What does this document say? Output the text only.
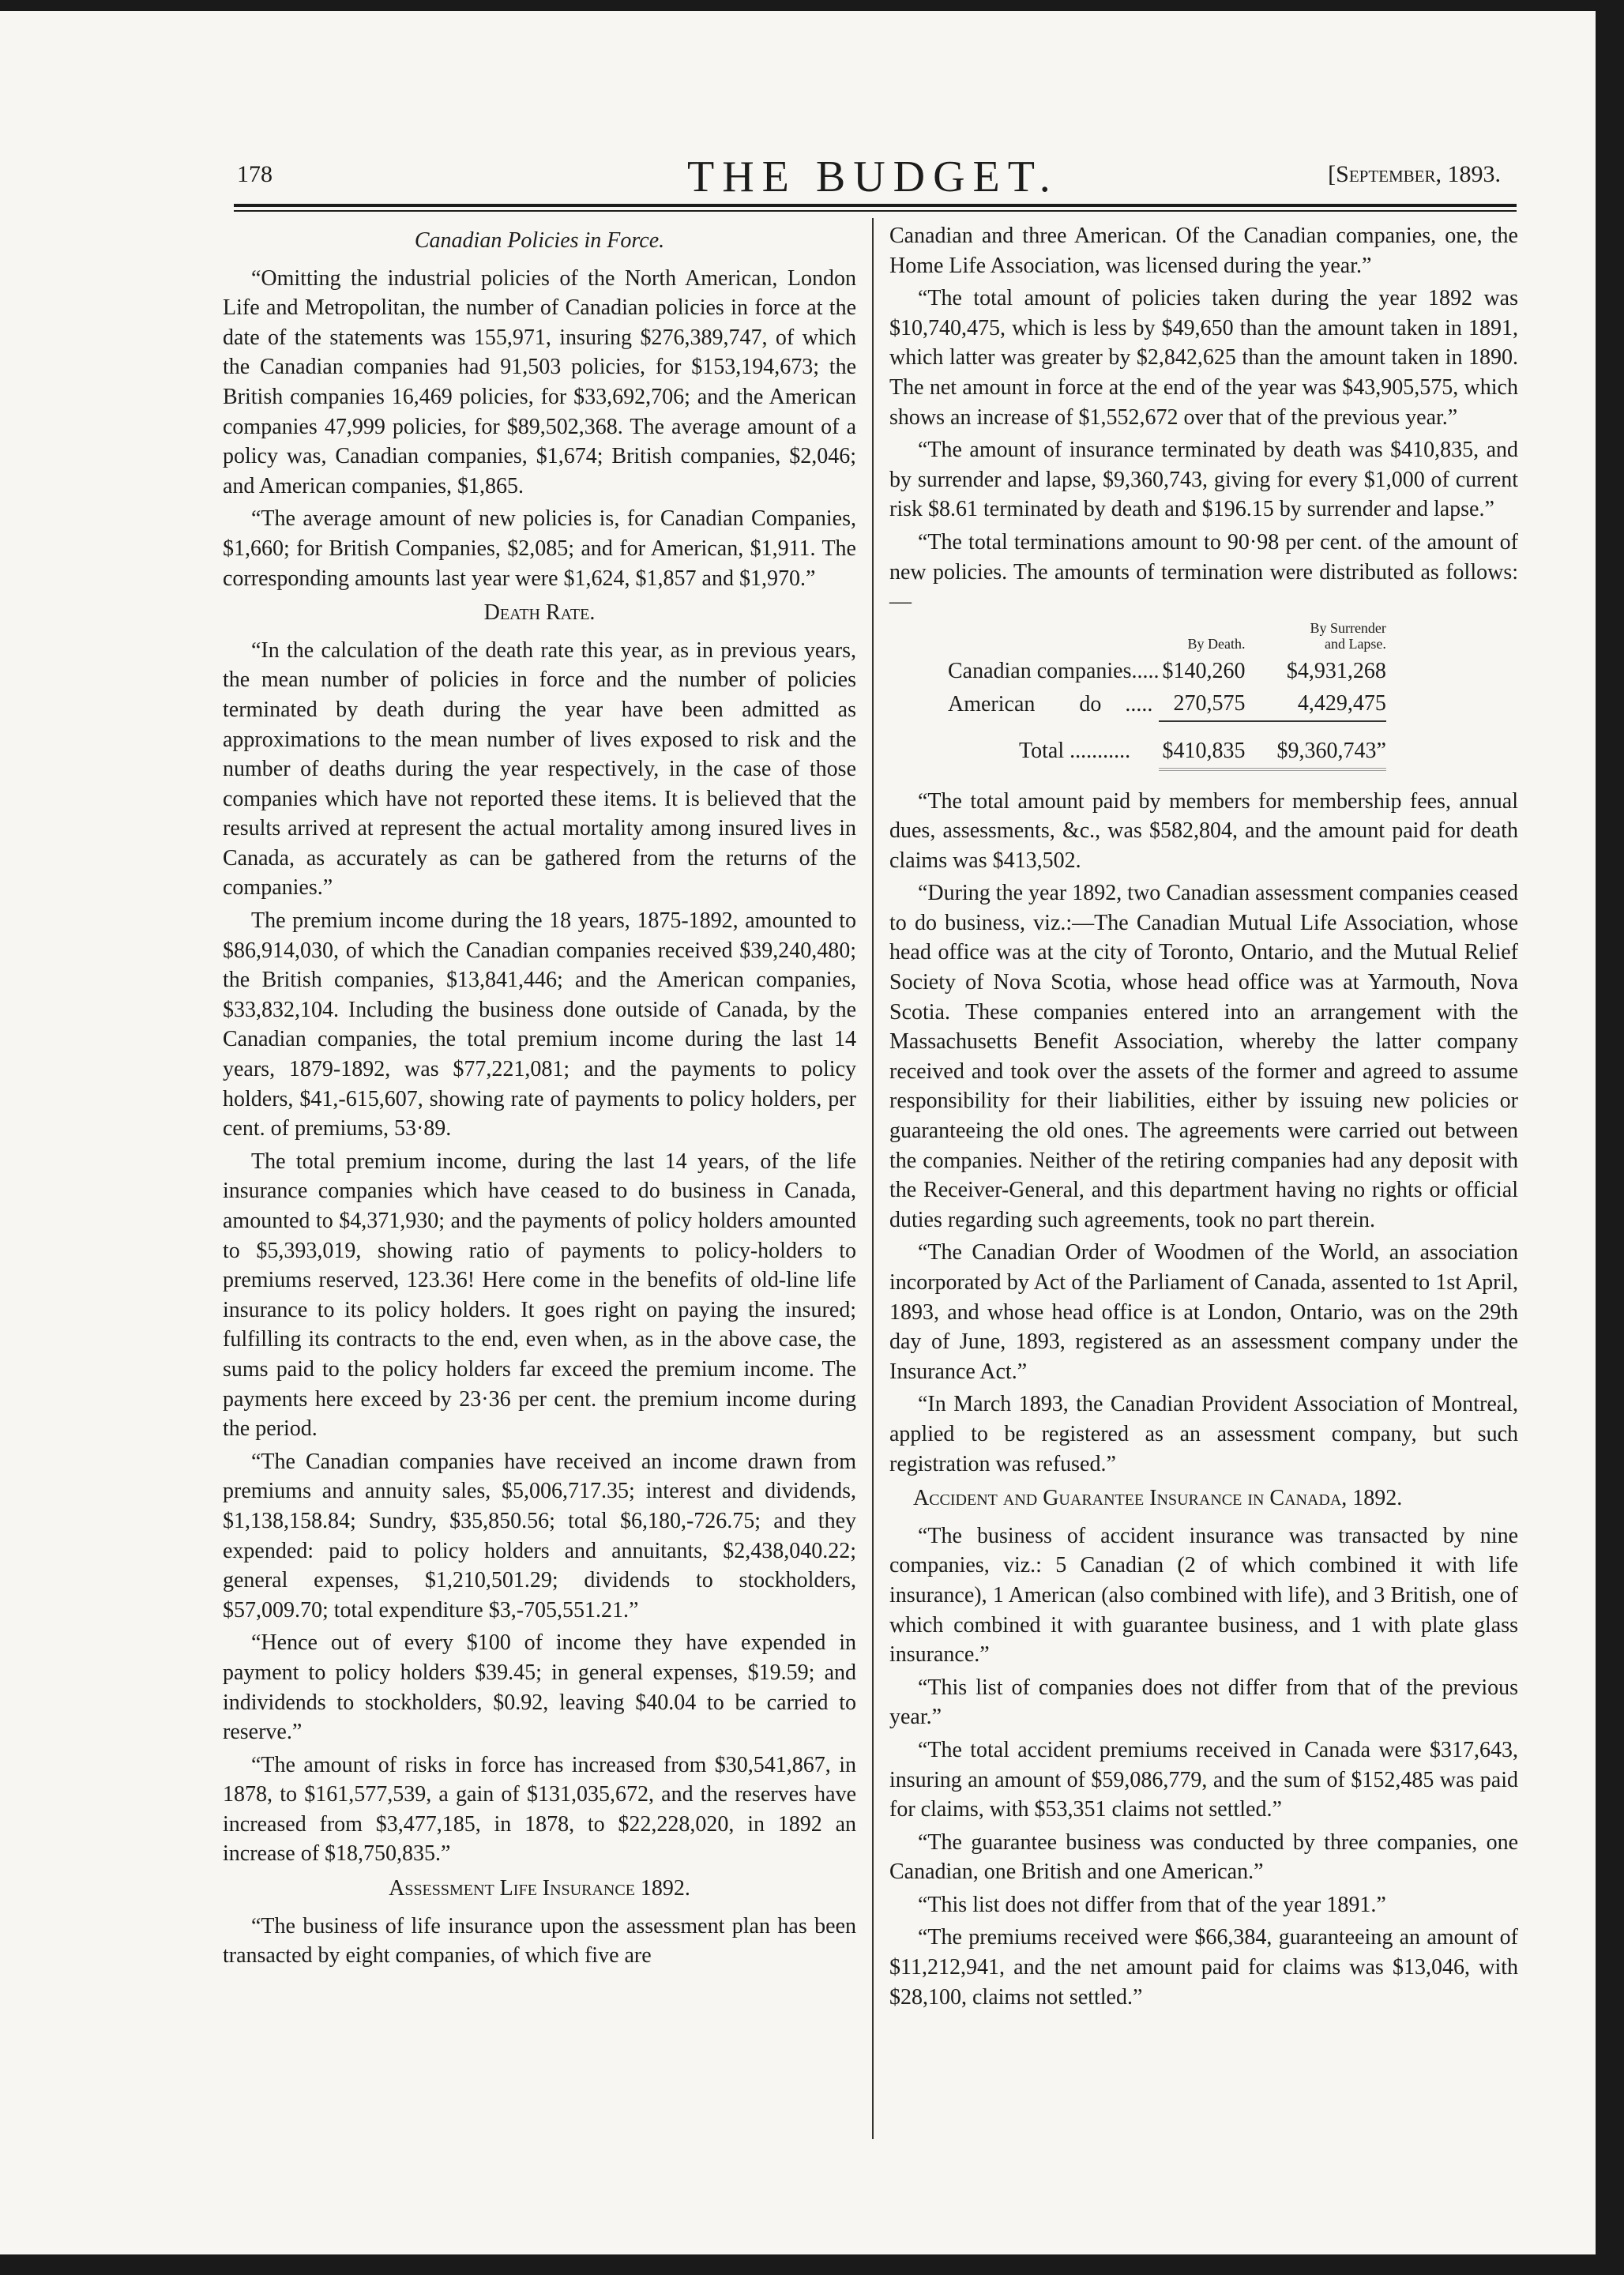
178	THE BUDGET.	[September, 1893.
Canadian Policies in Force.

“Omitting the industrial policies of the North American, London Life and Metropolitan, the number of Canadian policies in force at the date of the statements was 155,971, insuring $276,389,747, of which the Canadian companies had 91,503 policies, for $153,194,673; the British companies 16,469 policies, for $33,692,706; and the American companies 47,999 policies, for $89,502,368. The average amount of a policy was, Canadian companies, $1,674; British companies, $2,046; and American companies, $1,865.

“The average amount of new policies is, for Canadian Companies, $1,660; for British Companies, $2,085; and for American, $1,911. The corresponding amounts last year were $1,624, $1,857 and $1,970.”

Death Rate.

“In the calculation of the death rate this year, as in previous years, the mean number of policies in force and the number of policies terminated by death during the year have been admitted as approximations to the mean number of lives exposed to risk and the number of deaths during the year respectively, in the case of those companies which have not reported these items. It is believed that the results arrived at represent the actual mortality among insured lives in Canada, as accurately as can be gathered from the returns of the companies.”

The premium income during the 18 years, 1875-1892, amounted to $86,914,030, of which the Canadian companies received $39,240,480; the British companies, $13,841,446; and the American companies, $33,832,104. Including the business done outside of Canada, by the Canadian companies, the total premium income during the last 14 years, 1879-1892, was $77,221,081; and the payments to policy holders, $41,-615,607, showing rate of payments to policy holders, per cent. of premiums, 53·89.

The total premium income, during the last 14 years, of the life insurance companies which have ceased to do business in Canada, amounted to $4,371,930; and the payments of policy holders amounted to $5,393,019, showing ratio of payments to policy-holders to premiums reserved, 123.36! Here come in the benefits of old-line life insurance to its policy holders. It goes right on paying the insured; fulfilling its contracts to the end, even when, as in the above case, the sums paid to the policy holders far exceed the premium income. The payments here exceed by 23·36 per cent. the premium income during the period.

“The Canadian companies have received an income drawn from premiums and annuity sales, $5,006,717.35; interest and dividends, $1,138,158.84; Sundry, $35,850.56; total $6,180,-726.75; and they expended: paid to policy holders and annuitants, $2,438,040.22; general expenses, $1,210,501.29; dividends to stockholders, $57,009.70; total expenditure $3,-705,551.21.”

“Hence out of every $100 of income they have expended in payment to policy holders $39.45; in general expenses, $19.59; and individends to stockholders, $0.92, leaving $40.04 to be carried to reserve.”

“The amount of risks in force has increased from $30,541,867, in 1878, to $161,577,539, a gain of $131,035,672, and the reserves have increased from $3,477,185, in 1878, to $22,228,020, in 1892 an increase of $18,750,835.”

Assessment Life Insurance 1892.

“The business of life insurance upon the assessment plan has been transacted by eight companies, of which five are

Canadian and three American. Of the Canadian companies, one, the Home Life Association, was licensed during the year.”

“The total amount of policies taken during the year 1892 was $10,740,475, which is less by $49,650 than the amount taken in 1891, which latter was greater by $2,842,625 than the amount taken in 1890. The net amount in force at the end of the year was $43,905,575, which shows an increase of $1,552,672 over that of the previous year.”

“The amount of insurance terminated by death was $410,835, and by surrender and lapse, $9,360,743, giving for every $1,000 of current risk $8.61 terminated by death and $196.15 by surrender and lapse.”

“The total terminations amount to 90·98 per cent. of the amount of new policies. The amounts of termination were distributed as follows:—

	By Death.	By Surrender
and Lapse.
Canadian companies.....	$140,260	$4,931,268
American        do .....	270,575	4,429,475
Total ...........	$410,835	$9,360,743”

“The total amount paid by members for membership fees, annual dues, assessments, &c., was $582,804, and the amount paid for death claims was $413,502.

“During the year 1892, two Canadian assessment companies ceased to do business, viz.:—The Canadian Mutual Life Association, whose head office was at the city of Toronto, Ontario, and the Mutual Relief Society of Nova Scotia, whose head office was at Yarmouth, Nova Scotia. These companies entered into an arrangement with the Massachusetts Benefit Association, whereby the latter company received and took over the assets of the former and agreed to assume responsibility for their liabilities, either by issuing new policies or guaranteeing the old ones. The agreements were carried out between the companies. Neither of the retiring companies had any deposit with the Receiver-General, and this department having no rights or official duties regarding such agreements, took no part therein.

“The Canadian Order of Woodmen of the World, an association incorporated by Act of the Parliament of Canada, assented to 1st April, 1893, and whose head office is at London, Ontario, was on the 29th day of June, 1893, registered as an assessment company under the Insurance Act.”

“In March 1893, the Canadian Provident Association of Montreal, applied to be registered as an assessment company, but such registration was refused.”

Accident and Guarantee Insurance in Canada, 1892.

“The business of accident insurance was transacted by nine companies, viz.: 5 Canadian (2 of which combined it with life insurance), 1 American (also combined with life), and 3 British, one of which combined it with guarantee business, and 1 with plate glass insurance.”

“This list of companies does not differ from that of the previous year.”

“The total accident premiums received in Canada were $317,643, insuring an amount of $59,086,779, and the sum of $152,485 was paid for claims, with $53,351 claims not settled.”

“The guarantee business was conducted by three companies, one Canadian, one British and one American.”

“This list does not differ from that of the year 1891.”

“The premiums received were $66,384, guaranteeing an amount of $11,212,941, and the net amount paid for claims was $13,046, with $28,100, claims not settled.”
